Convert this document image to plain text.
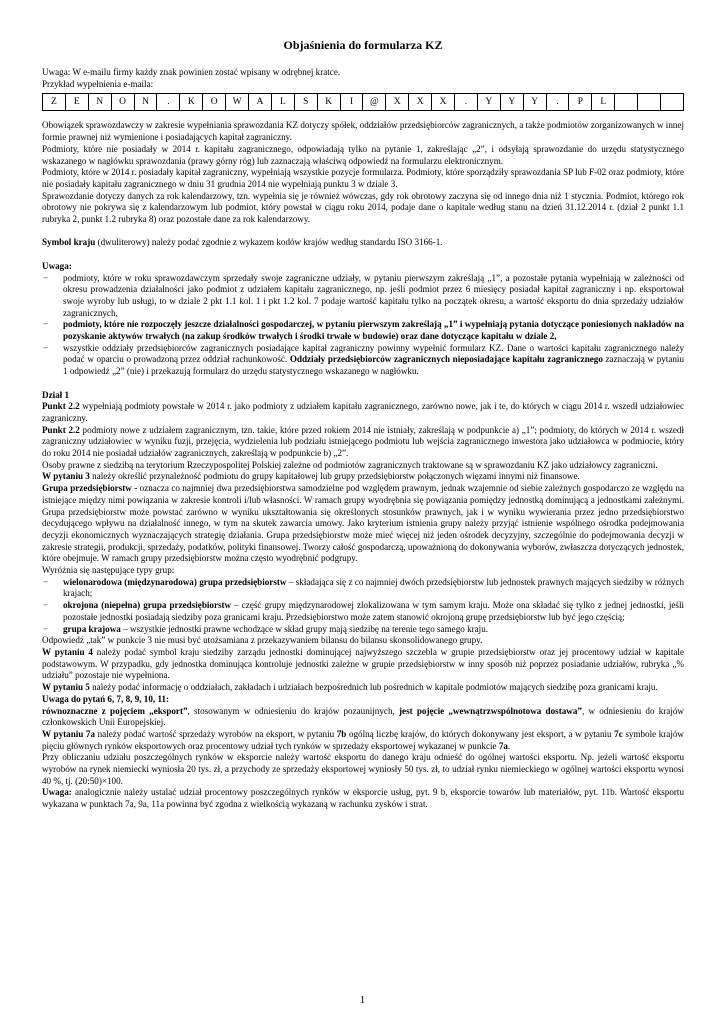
Objaśnienia do formularza KZ

Uwaga: W e-mailu firmy każdy znak powinien zostać wpisany w odrębnej kratce.

Przykład wypełnienia e-maila:

Z	E	N	O	N	.	K	O	W	A	L	S	K	I	@	X	X	X	.	Y	Y	Y	.	P	L

Obowiązek sprawozdawczy w zakresie wypełniania sprawozdania KZ dotyczy spółek, oddziałów przedsiębiorców zagranicznych, a także podmiotów zorganizowanych w innej formie prawnej niż wymienione i posiadających kapitał zagraniczny.

Podmioty, które nie posiadały w 2014 r. kapitału zagranicznego, odpowiadają tylko na pytanie 1, zakreślając „2”, i odsyłają sprawozdanie do urzędu statystycznego wskazanego w nagłówku sprawozdania (prawy górny róg) lub zaznaczają właściwą odpowiedź na formularzu elektronicznym.

Podmioty, które w 2014 r. posiadały kapitał zagraniczny, wypełniają wszystkie pozycje formularza. Podmioty, które sporządziły sprawozdania SP lub F-02 oraz podmioty, które nie posiadały kapitału zagranicznego w dniu 31 grudnia 2014 nie wypełniają punktu 3 w dziale 3.

Sprawozdanie dotyczy danych za rok kalendarzowy, tzn. wypełnia się je również wówczas, gdy rok obrotowy zaczyna się od innego dnia niż 1 stycznia. Podmiot, którego rok obrotowy nie pokrywa się z kalendarzowym lub podmiot, który powstał w ciągu roku 2014, podaje dane o kapitale według stanu na dzień 31.12.2014 r. (dział 2 punkt 1.1 rubryka 2, punkt 1.2 rubryka 8) oraz pozostałe dane za rok kalendarzowy.

Symbol kraju (dwuliterowy) należy podać zgodnie z wykazem kodów krajów według standardu ISO 3166-1.

Uwaga:

− podmioty, które w roku sprawozdawczym sprzedały swoje zagraniczne udziały, w pytaniu pierwszym zakreślają „1”, a pozostałe pytania wypełniają w zależności od okresu prowadzenia działalności jako podmiot z udziałem kapitału zagranicznego, np. jeśli podmiot przez 6 miesięcy posiadał kapitał zagraniczny i np. eksportował swoje wyroby lub usługi, to w dziale 2 pkt 1.1 kol. 1 i pkt 1.2 kol. 7 podaje wartość kapitału tylko na początek okresu, a wartość eksportu do dnia sprzedaży udziałów zagranicznych,
− podmioty, które nie rozpoczęły jeszcze działalności gospodarczej, w pytaniu pierwszym zakreślają „1” i wypełniają pytania dotyczące poniesionych nakładów na pozyskanie aktywów trwałych (na zakup środków trwałych i środki trwałe w budowie) oraz dane dotyczące kapitału w dziale 2,
− wszystkie oddziały przedsiębiorców zagranicznych posiadające kapitał zagraniczny powinny wypełnić formularz KZ. Dane o wartości kapitału zagranicznego należy podać w oparciu o prowadzoną przez oddział rachunkowość. Oddziały przedsiębiorców zagranicznych nieposiadające kapitału zagranicznego zaznaczają w pytaniu 1 odpowiedź „2” (nie) i przekazują formularz do urzędu statystycznego wskazanego w nagłówku.

Dział 1

Punkt 2.2 wypełniają podmioty powstałe w 2014 r. jako podmioty z udziałem kapitału zagranicznego, zarówno nowe, jak i te, do których w ciągu 2014 r. wszedł udziałowiec zagraniczny.

Punkt 2.2 podmioty nowe z udziałem zagranicznym, tzn. takie, które przed rokiem 2014 nie istniały, zakreślają w podpunkcie a) „1”; podmioty, do których w 2014 r. wszedł zagraniczny udziałowiec w wyniku fuzji, przejęcia, wydzielenia lub podziału istniejącego podmiotu lub wejścia zagranicznego inwestora jako udziałowca w podmiocie, który do roku 2014 nie posiadał udziałów zagranicznych, zakreślają w podpunkcie b) „2”.

Osoby prawne z siedzibą na terytorium Rzeczypospolitej Polskiej zależne od podmiotów zagranicznych traktowane są w sprawozdaniu KZ jako udziałowcy zagraniczni.

W pytaniu 3 należy określić przynależność podmiotu do grupy kapitałowej lub grupy przedsiębiorstw połączonych więzami innymi niż finansowe.

Grupa przedsiębiorstw - oznacza co najmniej dwa przedsiębiorstwa samodzielne pod względem prawnym, jednak wzajemnie od siebie zależnych gospodarczo ze względu na istniejące między nimi powiązania w zakresie kontroli i/lub własności. W ramach grupy wyodrębnia się powiązania pomiędzy jednostką dominującą a jednostkami zależnymi. Grupa przedsiębiorstw może powstać zarówno w wyniku ukształtowania się określonych stosunków prawnych, jak i w wyniku wywierania przez jedno przedsiębiorstwo decydującego wpływu na działalność innego, w tym na skutek zawarcia umowy. Jako kryterium istnienia grupy należy przyjąć istnienie wspólnego ośrodka podejmowania decyzji ekonomicznych wyznaczających strategię działania. Grupa przedsiębiorstw może mieć więcej niż jeden ośrodek decyzyjny, szczególnie do podejmowania decyzji w zakresie strategii, produkcji, sprzedaży, podatków, polityki finansowej. Tworzy całość gospodarczą, upoważnioną do dokonywania wyborów, zwłaszcza dotyczących jednostek, które obejmuje. W ramach grupy przedsiębiorstw można często wyodrębnić podgrupy.

Wyróżnia się następujące typy grup:

− wielonarodowa (międzynarodowa) grupa przedsiębiorstw – składająca się z co najmniej dwóch przedsiębiorstw lub jednostek prawnych mających siedziby w różnych krajach;
− okrojona (niepełna) grupa przedsiębiorstw – część grupy międzynarodowej zlokalizowana w tym samym kraju. Może ona składać się tylko z jednej jednostki, jeśli pozostałe jednostki posiadają siedziby poza granicami kraju. Przedsiębiorstwo może zatem stanowić okrojoną grupę przedsiębiorstw lub być jego częścią;
− grupa krajowa – wszystkie jednostki prawne wchodzące w skład grupy mają siedzibę na terenie tego samego kraju.

Odpowiedź „tak” w punkcie 3 nie musi być utożsamiana z przekazywaniem bilansu do bilansu skonsolidowanego grupy.

W pytaniu 4 należy podać symbol kraju siedziby zarządu jednostki dominującej najwyższego szczebla w grupie przedsiębiorstw oraz jej procentowy udział w kapitale podstawowym. W przypadku, gdy jednostka dominująca kontroluje jednostki zależne w grupie przedsiębiorstw w inny sposób niż poprzez posiadanie udziałów, rubryka „% udziału” pozostaje nie wypełniona.

W pytaniu 5 należy podać informację o oddziałach, zakładach i udziałach bezpośrednich lub pośrednich w kapitale podmiotów mających siedzibę poza granicami kraju.

Uwaga do pytań 6, 7, 8, 9, 10, 11:

równoznaczne z pojęciem „eksport”, stosowanym w odniesieniu do krajów pozaunijnych, jest pojęcie „wewnątrzwspólnotowa dostawa”, w odniesieniu do krajów członkowskich Unii Europejskiej.

W pytaniu 7a należy podać wartość sprzedaży wyrobów na eksport, w pytaniu 7b ogólną liczbę krajów, do których dokonywany jest eksport, a w pytaniu 7c symbole krajów pięciu głównych rynków eksportowych oraz procentowy udział tych rynków w sprzedaży eksportowej wykazanej w punkcie 7a.

Przy obliczaniu udziału poszczególnych rynków w eksporcie należy wartość eksportu do danego kraju odnieść do ogólnej wartości eksportu. Np. jeżeli wartość eksportu wyrobów na rynek niemiecki wyniosła 20 tys. zł, a przychody ze sprzedaży eksportowej wyniosły 50 tys. zł, to udział rynku niemieckiego w ogólnej wartości eksportu wynosi 40 %, tj. (20:50)×100.

Uwaga: analogicznie należy ustalać udział procentowy poszczególnych rynków w eksporcie usług, pyt. 9 b, eksporcie towarów lub materiałów, pyt. 11b. Wartość eksportu wykazana w punktach 7a, 9a, 11a powinna być zgodna z wielkością wykazaną w rachunku zysków i strat.

1
